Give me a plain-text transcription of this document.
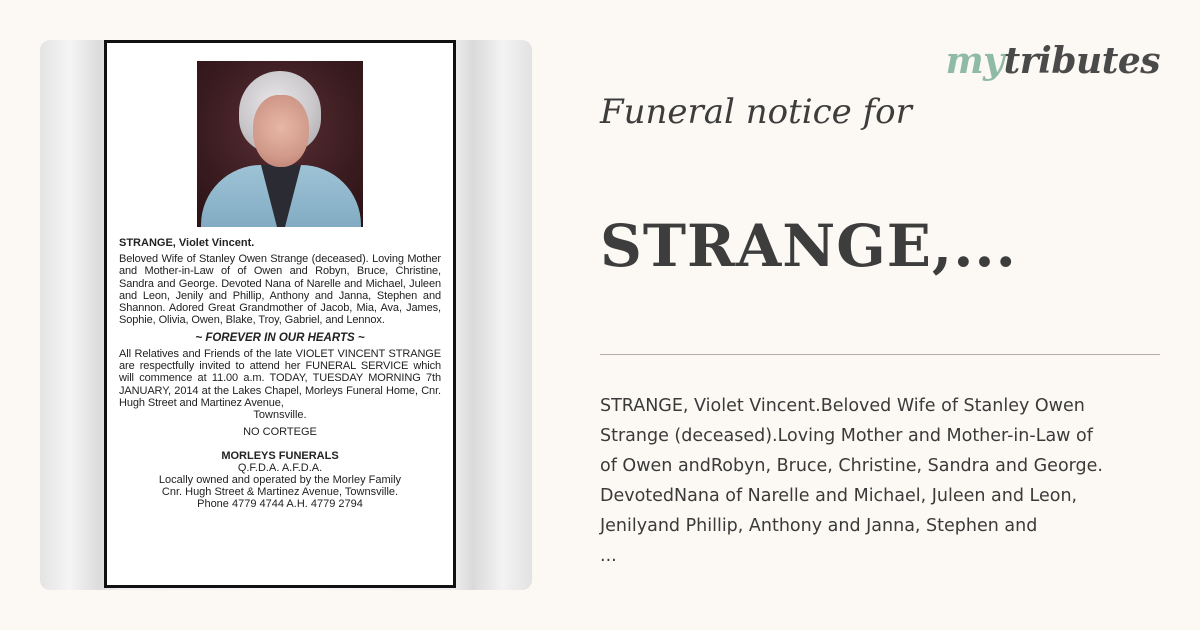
STRANGE, Violet Vincent.
Beloved Wife of Stanley Owen Strange (deceased). Loving Mother and Mother-in-Law of of Owen and Robyn, Bruce, Christine, Sandra and George. Devoted Nana of Narelle and Michael, Juleen and Leon, Jenily and Phillip, Anthony and Janna, Stephen and Shannon. Adored Great Grandmother of Jacob, Mia, Ava, James, Sophie, Olivia, Owen, Blake, Troy, Gabriel, and Lennox.
~ FOREVER IN OUR HEARTS ~
All Relatives and Friends of the late VIOLET VINCENT STRANGE are respectfully invited to attend her FUNERAL SERVICE which will commence at 11.00 a.m. TODAY, TUESDAY MORNING 7th JANUARY, 2014 at the Lakes Chapel, Morleys Funeral Home, Cnr. Hugh Street and Martinez Avenue,
Townsville.
NO CORTEGE
MORLEYS FUNERALS
Q.F.D.A. A.F.D.A.
Locally owned and operated by the Morley Family
Cnr. Hugh Street & Martinez Avenue, Townsville.
Phone 4779 4744 A.H. 4779 2794
mytributes
Funeral notice for
STRANGE,...
STRANGE, Violet Vincent.Beloved Wife of Stanley Owen
Strange (deceased).Loving Mother and Mother-in-Law of
of Owen andRobyn, Bruce, Christine, Sandra and George.
DevotedNana of Narelle and Michael, Juleen and Leon,
Jenilyand Phillip, Anthony and Janna, Stephen and
...
